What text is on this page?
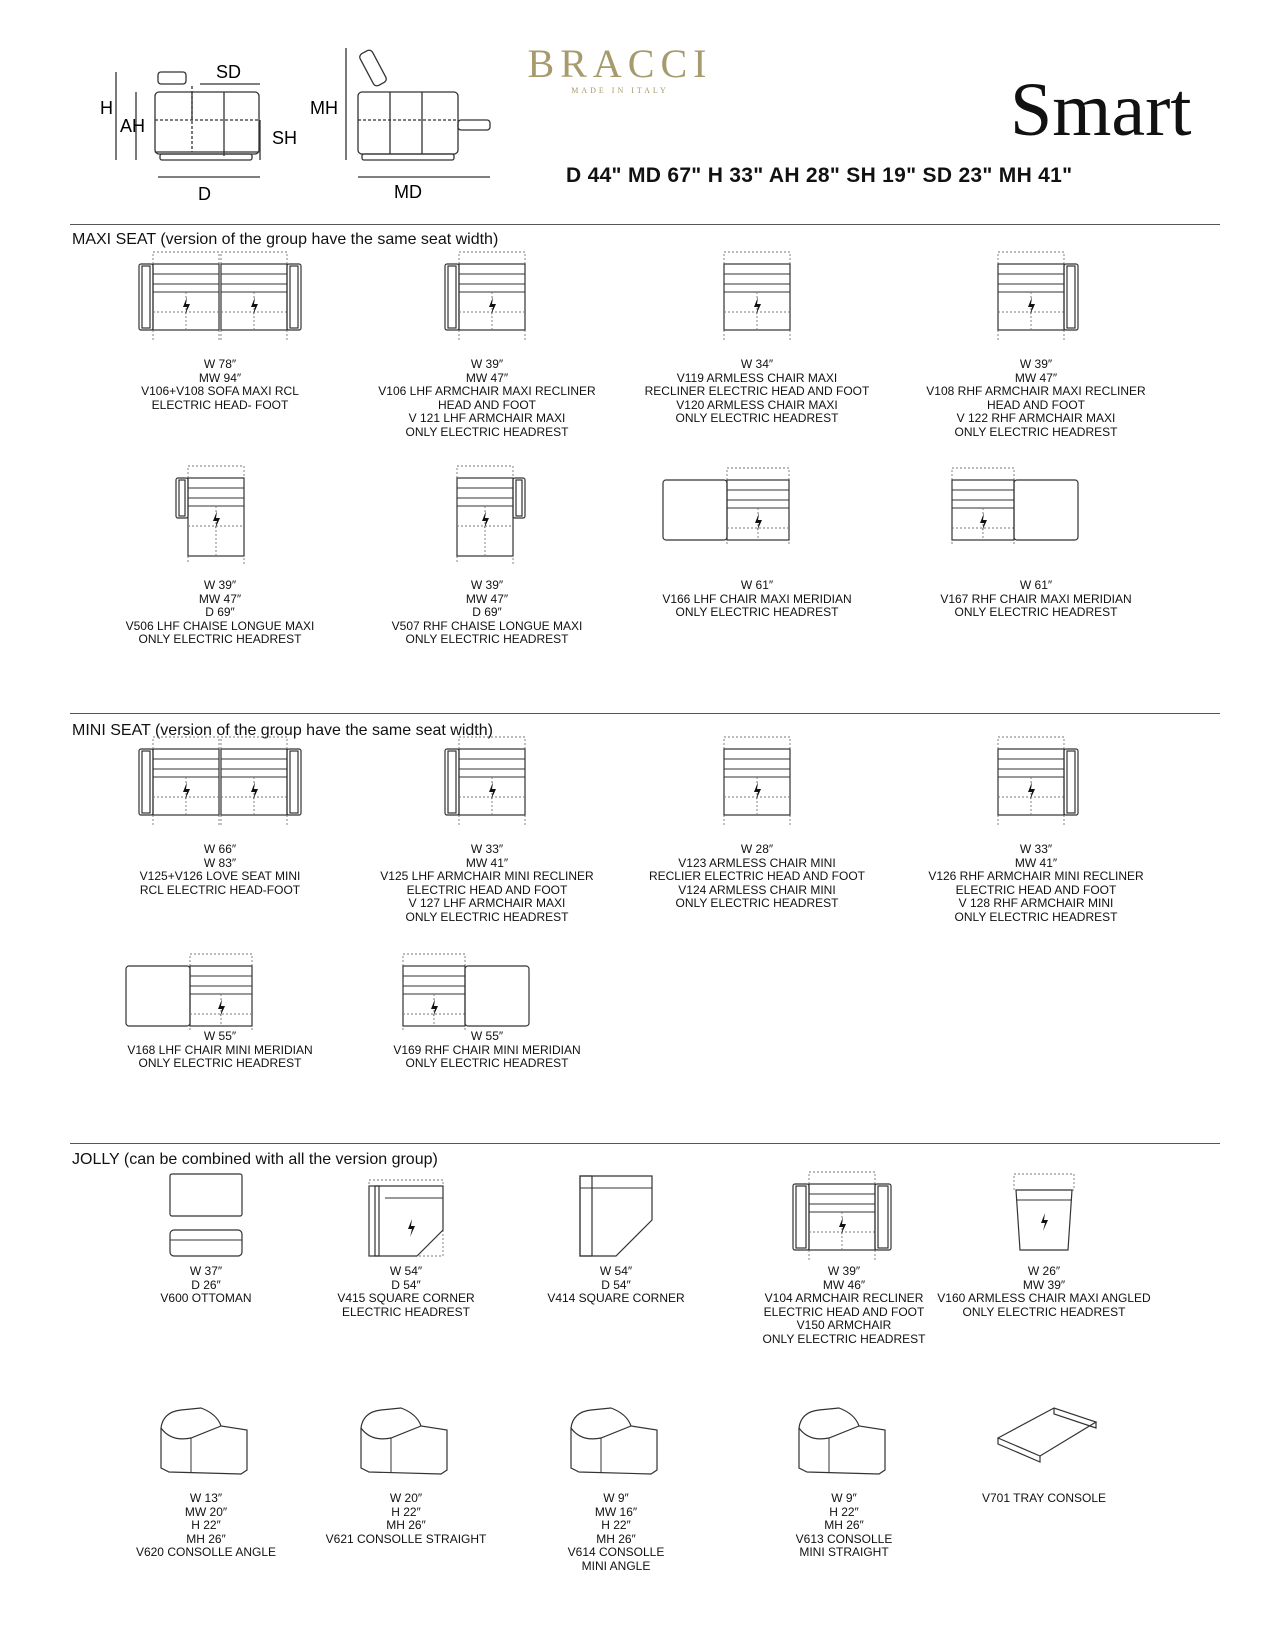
SD
H
AH
SH
D
MH
MD
BRACCI
MADE IN ITALY	Smart
D 44" MD 67" H 33" AH 28" SH 19" SD 23" MH 41"
MAXI SEAT (version of the group have the same seat width)
MINI SEAT (version of the group have the same seat width)
JOLLY (can be combined with all the version group)
W 78″
MW 94″
V106+V108 SOFA MAXI RCL
ELECTRIC HEAD- FOOT
W 39″
MW 47″
V106 LHF ARMCHAIR MAXI RECLINER
HEAD AND FOOT
V 121 LHF ARMCHAIR MAXI
ONLY ELECTRIC HEADREST
W 34″
V119 ARMLESS CHAIR MAXI
RECLINER ELECTRIC HEAD AND FOOT
V120 ARMLESS CHAIR MAXI
ONLY ELECTRIC HEADREST
W 39″
MW 47″
V108 RHF ARMCHAIR MAXI RECLINER
HEAD AND FOOT
V 122 RHF ARMCHAIR MAXI
ONLY ELECTRIC HEADREST
W 39″
MW 47″
D 69″
V506 LHF CHAISE LONGUE MAXI
ONLY ELECTRIC HEADREST
W 39″
MW 47″
D 69″
V507 RHF CHAISE LONGUE MAXI
ONLY ELECTRIC HEADREST
W 61″
V166 LHF CHAIR MAXI MERIDIAN
ONLY ELECTRIC HEADREST
W 61″
V167 RHF CHAIR MAXI MERIDIAN
ONLY ELECTRIC HEADREST
W 66″
W 83″
V125+V126 LOVE SEAT MINI
RCL ELECTRIC HEAD-FOOT
W 33″
MW 41″
V125 LHF ARMCHAIR MINI RECLINER
ELECTRIC HEAD AND FOOT
V 127 LHF ARMCHAIR MAXI
ONLY ELECTRIC HEADREST
W 28″
V123 ARMLESS CHAIR MINI
RECLIER ELECTRIC HEAD AND FOOT
V124 ARMLESS CHAIR MINI
ONLY ELECTRIC HEADREST
W 33″
MW 41″
V126 RHF ARMCHAIR MINI RECLINER
ELECTRIC HEAD AND FOOT
V 128 RHF ARMCHAIR MINI
ONLY ELECTRIC HEADREST
W 55″
V168 LHF CHAIR MINI MERIDIAN
ONLY ELECTRIC HEADREST
W 55″
V169 RHF CHAIR MINI MERIDIAN
ONLY ELECTRIC HEADREST
W 37″
D 26″
V600 OTTOMAN
W 54″
D 54″
V415 SQUARE CORNER
ELECTRIC HEADREST
W 54″
D 54″
V414 SQUARE CORNER
W 39″
MW 46″
V104 ARMCHAIR RECLINER
ELECTRIC HEAD AND FOOT
V150 ARMCHAIR
ONLY ELECTRIC HEADREST
W 26″
MW 39″
V160 ARMLESS CHAIR MAXI ANGLED
ONLY ELECTRIC HEADREST
W 13″
MW 20″
H 22″
MH 26″
V620 CONSOLLE ANGLE
W 20″
H 22″
MH 26″
V621 CONSOLLE STRAIGHT
W 9″
MW 16″
H 22″
MH 26″
V614 CONSOLLE
MINI ANGLE
W 9″
H 22″
MH 26″
V613 CONSOLLE
MINI STRAIGHT
V701 TRAY CONSOLE
